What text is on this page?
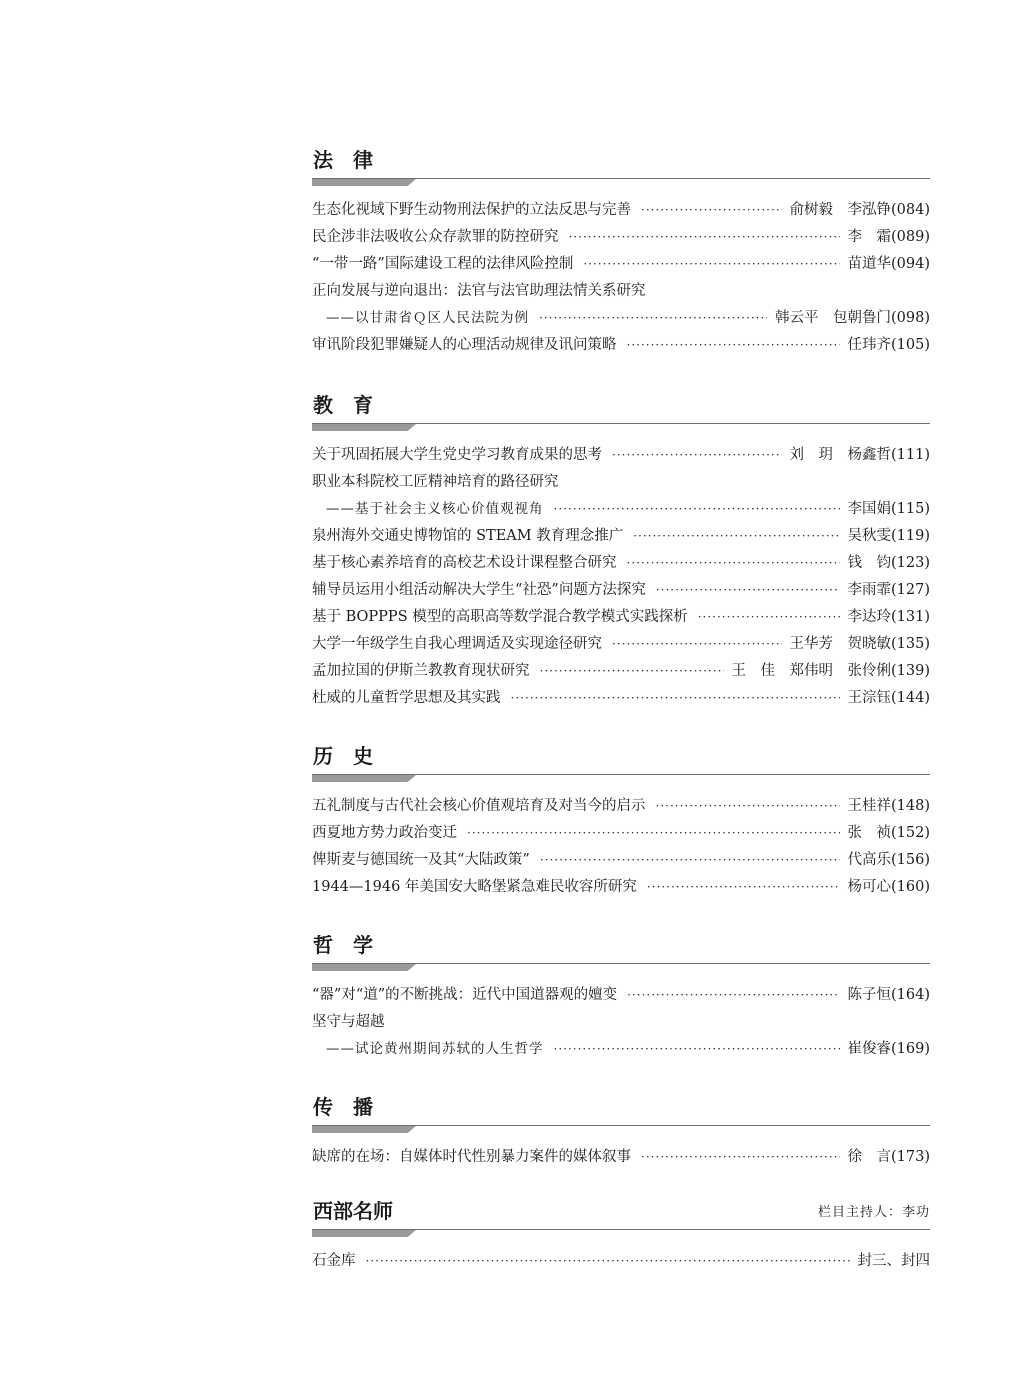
法　律
生态化视域下野生动物刑法保护的立法反思与完善 ·····	俞树毅　李泓铮(084)
民企涉非法吸收公众存款罪的防控研究 ·····	李　霜(089)
“一带一路”国际建设工程的法律风险控制 ·····	苗道华(094)
正向发展与逆向退出：法官与法官助理法情关系研究
——以甘肃省Ｑ区人民法院为例 ·····	韩云平　包朝鲁门(098)
审讯阶段犯罪嫌疑人的心理活动规律及讯问策略 ·····	任玮齐(105)
教　育
关于巩固拓展大学生党史学习教育成果的思考 ·····	刘　玥　杨鑫哲(111)
职业本科院校工匠精神培育的路径研究
——基于社会主义核心价值观视角 ·····	李国娟(115)
泉州海外交通史博物馆的 STEAM 教育理念推广 ·····	吴秋雯(119)
基于核心素养培育的高校艺术设计课程整合研究 ·····	钱　钧(123)
辅导员运用小组活动解决大学生“社恐”问题方法探究 ·····	李雨霏(127)
基于 BOPPPS 模型的高职高等数学混合教学模式实践探析 ·····	李达玲(131)
大学一年级学生自我心理调适及实现途径研究 ·····	王华芳　贺晓敏(135)
孟加拉国的伊斯兰教教育现状研究 ·····	王　佳　郑伟明　张伶俐(139)
杜威的儿童哲学思想及其实践 ·····	王淙钰(144)
历　史
五礼制度与古代社会核心价值观培育及对当今的启示 ·····	王桂祥(148)
西夏地方势力政治变迁 ·····	张　祯(152)
俾斯麦与德国统一及其“大陆政策” ·····	代高乐(156)
1944—1946 年美国安大略堡紧急难民收容所研究 ·····	杨可心(160)
哲　学
“器”对“道”的不断挑战：近代中国道器观的嬗变 ·····	陈子恒(164)
坚守与超越
——试论黄州期间苏轼的人生哲学 ·····	崔俊睿(169)
传　播
缺席的在场：自媒体时代性别暴力案件的媒体叙事 ·····	徐　言(173)
西部名师	栏目主持人：李功
石金库 ·····	封三、封四
